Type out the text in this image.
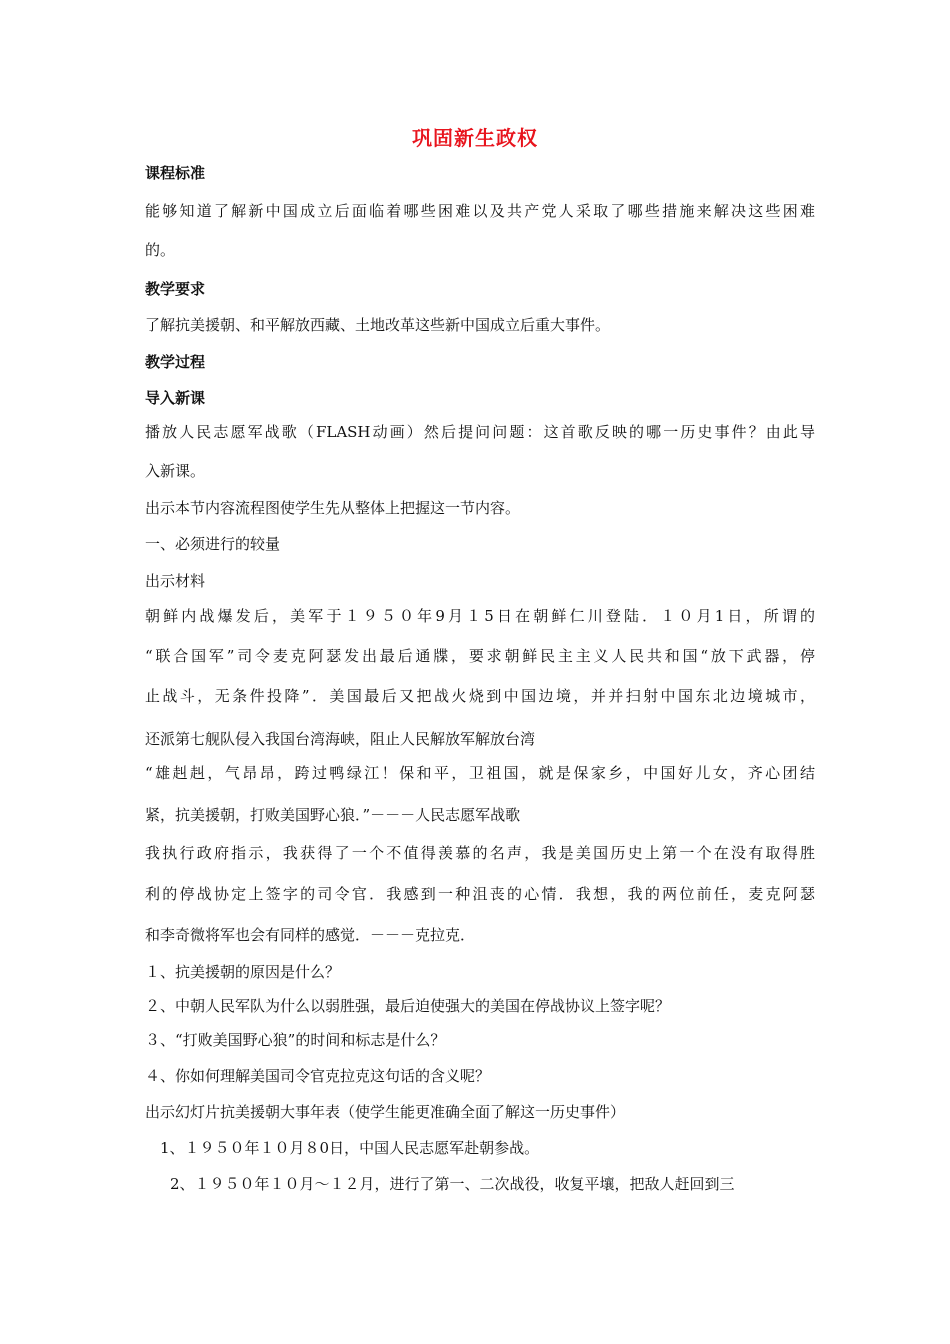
巩固新生政权
课程标准
能够知道了解新中国成立后面临着哪些困难以及共产党人采取了哪些措施来解决这些困难
的。
教学要求
了解抗美援朝、和平解放西藏、土地改革这些新中国成立后重大事件。
教学过程
导入新课
播放人民志愿军战歌（FLASH动画）然后提问问题：这首歌反映的哪一历史事件？由此导
入新课。
出示本节内容流程图使学生先从整体上把握这一节内容。
一、必须进行的较量
出示材料
朝鲜内战爆发后，美军于１９５０年9月１5日在朝鲜仁川登陆．１０月1日，所谓的
“联合国军”司令麦克阿瑟发出最后通牒，要求朝鲜民主主义人民共和国“放下武器，停
止战斗，无条件投降”．美国最后又把战火烧到中国边境，并并扫射中国东北边境城市，
还派第七舰队侵入我国台湾海峡，阻止人民解放军解放台湾
“雄赳赳，气昂昂，跨过鸭绿江！保和平，卫祖国，就是保家乡，中国好儿女，齐心团结
紧，抗美援朝，打败美国野心狼．”－－－人民志愿军战歌
我执行政府指示，我获得了一个不值得羡慕的名声，我是美国历史上第一个在没有取得胜
利的停战协定上签字的司令官．我感到一种沮丧的心情．我想，我的两位前任，麦克阿瑟
和李奇微将军也会有同样的感觉．－－－克拉克．
１、抗美援朝的原因是什么？
２、中朝人民军队为什么以弱胜强，最后迫使强大的美国在停战协议上签字呢？
３、“打败美国野心狼”的时间和标志是什么？
４、你如何理解美国司令官克拉克这句话的含义呢？
出示幻灯片抗美援朝大事年表（使学生能更准确全面了解这一历史事件）
1、１９５０年１０月８0日，中国人民志愿军赴朝参战。
2、１９５０年１０月～１２月，进行了第一、二次战役，收复平壤，把敌人赶回到三
